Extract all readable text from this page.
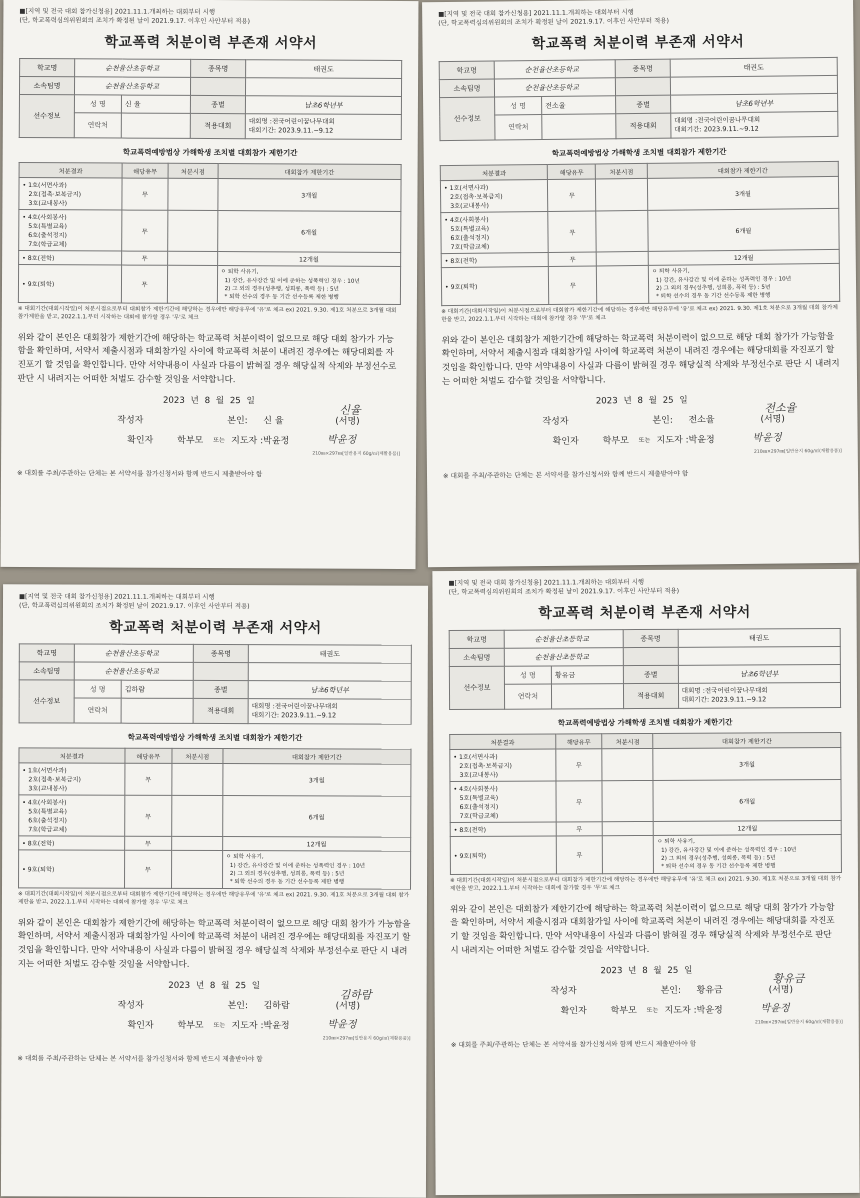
■[지역 및 전국 대회 참가신청용] 2021.11.1.개최하는 대회부터 시행
(단, 학교폭력심의위원회의 조치가 확정된 날이 2021.9.17. 이후인 사안부터 적용)
학교폭력 처분이력 부존재 서약서
학교명	순천율산초등학교		종목명	태권도
소속팀명	순천율산초등학교			
선수정보	성 명	신 율	종별	남초6학년부
	연락처		적용대회	대회명 :전국어린이꿈나무대회
대회기간: 2023.9.11.~9.12
학교폭력예방법상 가해학생 조치별 대회참가 제한기간
처분결과	해당유무	처분시점	대회참가 제한기간

• 1호(서면사과)
2호(접촉·보복금지)
3호(교내봉사)	무		3개월

• 4호(사회봉사)
5호(특별교육)
6호(출석정지)
7호(학급교체)	무		6개월

• 8호(전학)	무		12개월

• 9호(퇴학)	무		ㅇ 퇴학 사유기,
1) 강간, 유사강간 및 이에 준하는 성폭력인 경우 : 10년
2) 그 외의 경우(성추행, 성희롱, 폭력 등) : 5년
* 퇴학 선수의 경우 동 기간 선수등록 제한 병행
※ 대회기간(대회시작일)이 처분시점으로부터 대회참가 제한기간에 해당하는 경우에만 해당유무에 '유'로 체크 ex) 2021. 9.30. 제1호 처분으로 3개월 대회 참가제한을 받고, 2022.1.1.부터 시작하는 대회에 참가할 경우 '무'로 체크
위와 같이 본인은 대회참가 제한기간에 해당하는 학교폭력 처분이력이 없으므로 해당 대회 참가가 가능함을 확인하며, 서약서 제출시점과 대회참가일 사이에 학교폭력 처분이 내려진 경우에는 해당대회를 자진포기 할 것임을 확인합니다. 만약 서약내용이 사실과 다름이 밝혀질 경우 해당실적 삭제와 부정선수로 판단 시 내려지는 어떠한 처벌도 감수할 것임을 서약합니다.
2023 년 8 월 25 일
작성자	본인: 신 율	(서명)
신율
확인자	학부모 또는 지도자 :박윤정	박윤정
210㎜×297㎜[일반용지 60g/㎡(재활용품)]
※ 대회를 주최/주관하는 단체는 본 서약서를 참가신청서와 함께 반드시 제출받아야 함
■[지역 및 전국 대회 참가신청용] 2021.11.1.개최하는 대회부터 시행
(단, 학교폭력심의위원회의 조치가 확정된 날이 2021.9.17. 이후인 사안부터 적용)
학교폭력 처분이력 부존재 서약서
학교명	순천율산초등학교		종목명	태권도
소속팀명	순천율산초등학교			
선수정보	성 명	전소율	종별	남초6학년부
	연락처		적용대회	대회명 :전국어린이꿈나무대회
대회기간: 2023.9.11.~9.12
학교폭력예방법상 가해학생 조치별 대회참가 제한기간
처분결과	해당유무	처분시점	대회참가 제한기간

• 1호(서면사과)
2호(접촉·보복금지)
3호(교내봉사)	무		3개월

• 4호(사회봉사)
5호(특별교육)
6호(출석정지)
7호(학급교체)	무		6개월

• 8호(전학)	무		12개월

• 9호(퇴학)	무		ㅇ 퇴학 사유기,
1) 강간, 유사강간 및 이에 준하는 성폭력인 경우 : 10년
2) 그 외의 경우(성추행, 성희롱, 폭력 등) : 5년
* 퇴학 선수의 경우 동 기간 선수등록 제한 병행
※ 대회기간(대회시작일)이 처분시점으로부터 대회참가 제한기간에 해당하는 경우에만 해당유무에 '유'로 체크 ex) 2021. 9.30. 제1호 처분으로 3개월 대회 참가제한을 받고, 2022.1.1.부터 시작하는 대회에 참가할 경우 '무'로 체크
위와 같이 본인은 대회참가 제한기간에 해당하는 학교폭력 처분이력이 없으므로 해당 대회 참가가 가능함을 확인하며, 서약서 제출시점과 대회참가일 사이에 학교폭력 처분이 내려진 경우에는 해당대회를 자진포기 할 것임을 확인합니다. 만약 서약내용이 사실과 다름이 밝혀질 경우 해당실적 삭제와 부정선수로 판단 시 내려지는 어떠한 처벌도 감수할 것임을 서약합니다.
2023 년 8 월 25 일
작성자	본인: 전소율	(서명)
전소율
확인자	학부모 또는 지도자 :박윤정	박윤정
210㎜×297㎜[일반용지 60g/㎡(재활용품)]
※ 대회를 주최/주관하는 단체는 본 서약서를 참가신청서와 함께 반드시 제출받아야 함
■[지역 및 전국 대회 참가신청용] 2021.11.1.개최하는 대회부터 시행
(단, 학교폭력심의위원회의 조치가 확정된 날이 2021.9.17. 이후인 사안부터 적용)
학교폭력 처분이력 부존재 서약서
학교명	순천율산초등학교		종목명	태권도
소속팀명	순천율산초등학교			
선수정보	성 명	김하람	종별	남초6학년부
	연락처		적용대회	대회명 :전국어린이꿈나무대회
대회기간: 2023.9.11.~9.12
학교폭력예방법상 가해학생 조치별 대회참가 제한기간
처분결과	해당유무	처분시점	대회참가 제한기간

• 1호(서면사과)
2호(접촉·보복금지)
3호(교내봉사)	무		3개월

• 4호(사회봉사)
5호(특별교육)
6호(출석정지)
7호(학급교체)	무		6개월

• 8호(전학)	무		12개월

• 9호(퇴학)	무		ㅇ 퇴학 사유기,
1) 강간, 유사강간 및 이에 준하는 성폭력인 경우 : 10년
2) 그 외의 경우(성추행, 성희롱, 폭력 등) : 5년
* 퇴학 선수의 경우 동 기간 선수등록 제한 병행
※ 대회기간(대회시작일)이 처분시점으로부터 대회참가 제한기간에 해당하는 경우에만 해당유무에 '유'로 체크 ex) 2021. 9.30. 제1호 처분으로 3개월 대회 참가제한을 받고, 2022.1.1.부터 시작하는 대회에 참가할 경우 '무'로 체크
위와 같이 본인은 대회참가 제한기간에 해당하는 학교폭력 처분이력이 없으므로 해당 대회 참가가 가능함을 확인하며, 서약서 제출시점과 대회참가일 사이에 학교폭력 처분이 내려진 경우에는 해당대회를 자진포기 할 것임을 확인합니다. 만약 서약내용이 사실과 다름이 밝혀질 경우 해당실적 삭제와 부정선수로 판단 시 내려지는 어떠한 처벌도 감수할 것임을 서약합니다.
2023 년 8 월 25 일
작성자	본인: 김하람	(서명)
김하람
확인자	학부모 또는 지도자 :박윤정	박윤정
210㎜×297㎜[일반용지 60g/㎡(재활용품)]
※ 대회를 주최/주관하는 단체는 본 서약서를 참가신청서와 함께 반드시 제출받아야 함
■[지역 및 전국 대회 참가신청용] 2021.11.1.개최하는 대회부터 시행
(단, 학교폭력심의위원회의 조치가 확정된 날이 2021.9.17. 이후인 사안부터 적용)
학교폭력 처분이력 부존재 서약서
학교명	순천율산초등학교		종목명	태권도
소속팀명	순천율산초등학교			
선수정보	성 명	황유금	종별	남초6학년부
	연락처		적용대회	대회명 :전국어린이꿈나무대회
대회기간: 2023.9.11.~9.12
학교폭력예방법상 가해학생 조치별 대회참가 제한기간
처분결과	해당유무	처분시점	대회참가 제한기간

• 1호(서면사과)
2호(접촉·보복금지)
3호(교내봉사)	무		3개월

• 4호(사회봉사)
5호(특별교육)
6호(출석정지)
7호(학급교체)	무		6개월

• 8호(전학)	무		12개월

• 9호(퇴학)	무		ㅇ 퇴학 사유기,
1) 강간, 유사강간 및 이에 준하는 성폭력인 경우 : 10년
2) 그 외의 경우(성추행, 성희롱, 폭력 등) : 5년
* 퇴학 선수의 경우 동 기간 선수등록 제한 병행
※ 대회기간(대회시작일)이 처분시점으로부터 대회참가 제한기간에 해당하는 경우에만 해당유무에 '유'로 체크 ex) 2021. 9.30. 제1호 처분으로 3개월 대회 참가제한을 받고, 2022.1.1.부터 시작하는 대회에 참가할 경우 '무'로 체크
위와 같이 본인은 대회참가 제한기간에 해당하는 학교폭력 처분이력이 없으므로 해당 대회 참가가 가능함을 확인하며, 서약서 제출시점과 대회참가일 사이에 학교폭력 처분이 내려진 경우에는 해당대회를 자진포기 할 것임을 확인합니다. 만약 서약내용이 사실과 다름이 밝혀질 경우 해당실적 삭제와 부정선수로 판단 시 내려지는 어떠한 처벌도 감수할 것임을 서약합니다.
2023 년 8 월 25 일
작성자	본인: 황유금	(서명)
황유금
확인자	학부모 또는 지도자 :박윤정	박윤정
210㎜×297㎜[일반용지 60g/㎡(재활용품)]
※ 대회를 주최/주관하는 단체는 본 서약서를 참가신청서와 함께 반드시 제출받아야 함
